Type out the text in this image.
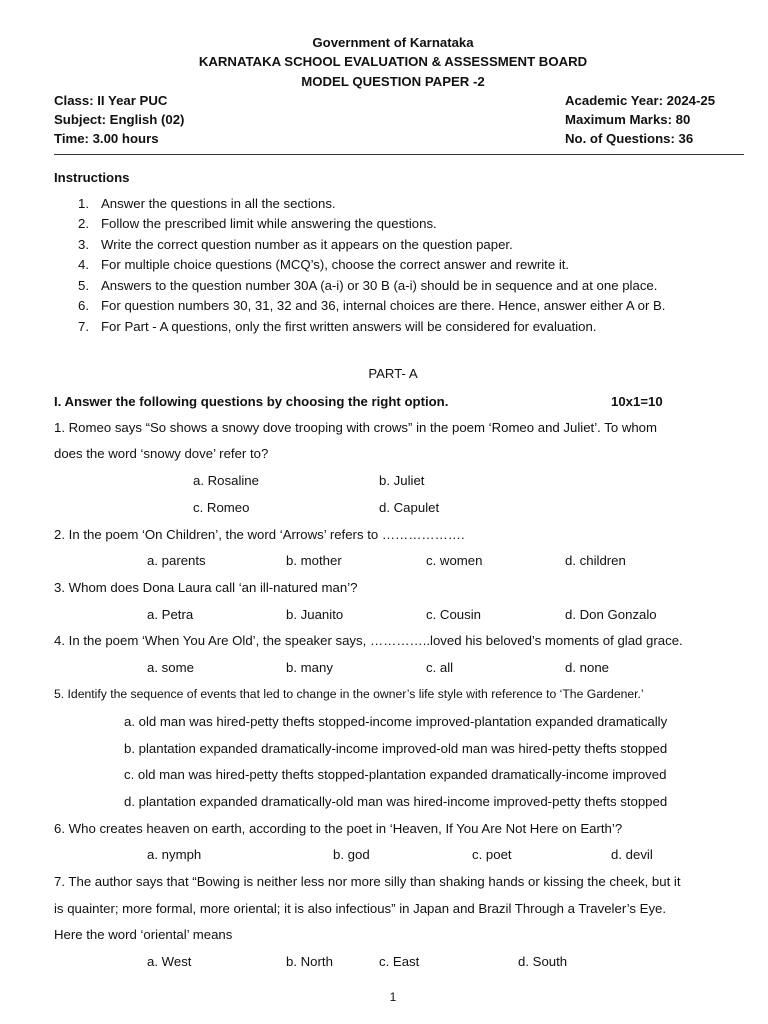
Government of Karnataka
KARNATAKA SCHOOL EVALUATION & ASSESSMENT BOARD
MODEL QUESTION PAPER -2
Class: II Year PUC
Subject: English (02)
Time: 3.00 hours
Academic Year: 2024-25
Maximum Marks: 80
No. of Questions: 36
Instructions
1. Answer the questions in all the sections.
2. Follow the prescribed limit while answering the questions.
3. Write the correct question number as it appears on the question paper.
4. For multiple choice questions (MCQ’s), choose the correct answer and rewrite it.
5. Answers to the question number 30A (a-i) or 30 B (a-i) should be in sequence and at one place.
6. For question numbers 30, 31, 32 and 36, internal choices are there. Hence, answer either A or B.
7. For Part - A questions, only the first written answers will be considered for evaluation.
PART- A
I. Answer the following questions by choosing the right option.	10x1=10
1. Romeo says “So shows a snowy dove trooping with crows” in the poem ‘Romeo and Juliet’. To whom
does the word ‘snowy dove’ refer to?
a. Rosaline	b. Juliet
c. Romeo	d. Capulet
2. In the poem ‘On Children’, the word ‘Arrows’ refers to ……………….
a. parents	b. mother	c. women	d. children
3. Whom does Dona Laura call ‘an ill-natured man’?
a. Petra	b. Juanito	c. Cousin	d. Don Gonzalo
4. In the poem ‘When You Are Old’, the speaker says, …………..loved his beloved’s moments of glad grace.
a. some	b. many	c. all	d. none
5. Identify the sequence of events that led to change in the owner’s life style with reference to ‘The Gardener.’
a. old man was hired-petty thefts stopped-income improved-plantation expanded dramatically
b. plantation expanded dramatically-income improved-old man was hired-petty thefts stopped
c. old man was hired-petty thefts stopped-plantation expanded dramatically-income improved
d. plantation expanded dramatically-old man was hired-income improved-petty thefts stopped
6. Who creates heaven on earth, according to the poet in ‘Heaven, If You Are Not Here on Earth’?
a. nymph	b. god	c. poet	d. devil
7. The author says that “Bowing is neither less nor more silly than shaking hands or kissing the cheek, but it
is quainter; more formal, more oriental; it is also infectious” in Japan and Brazil Through a Traveler’s Eye.
Here the word ‘oriental’ means
a. West	b. North	c. East	d. South
1
